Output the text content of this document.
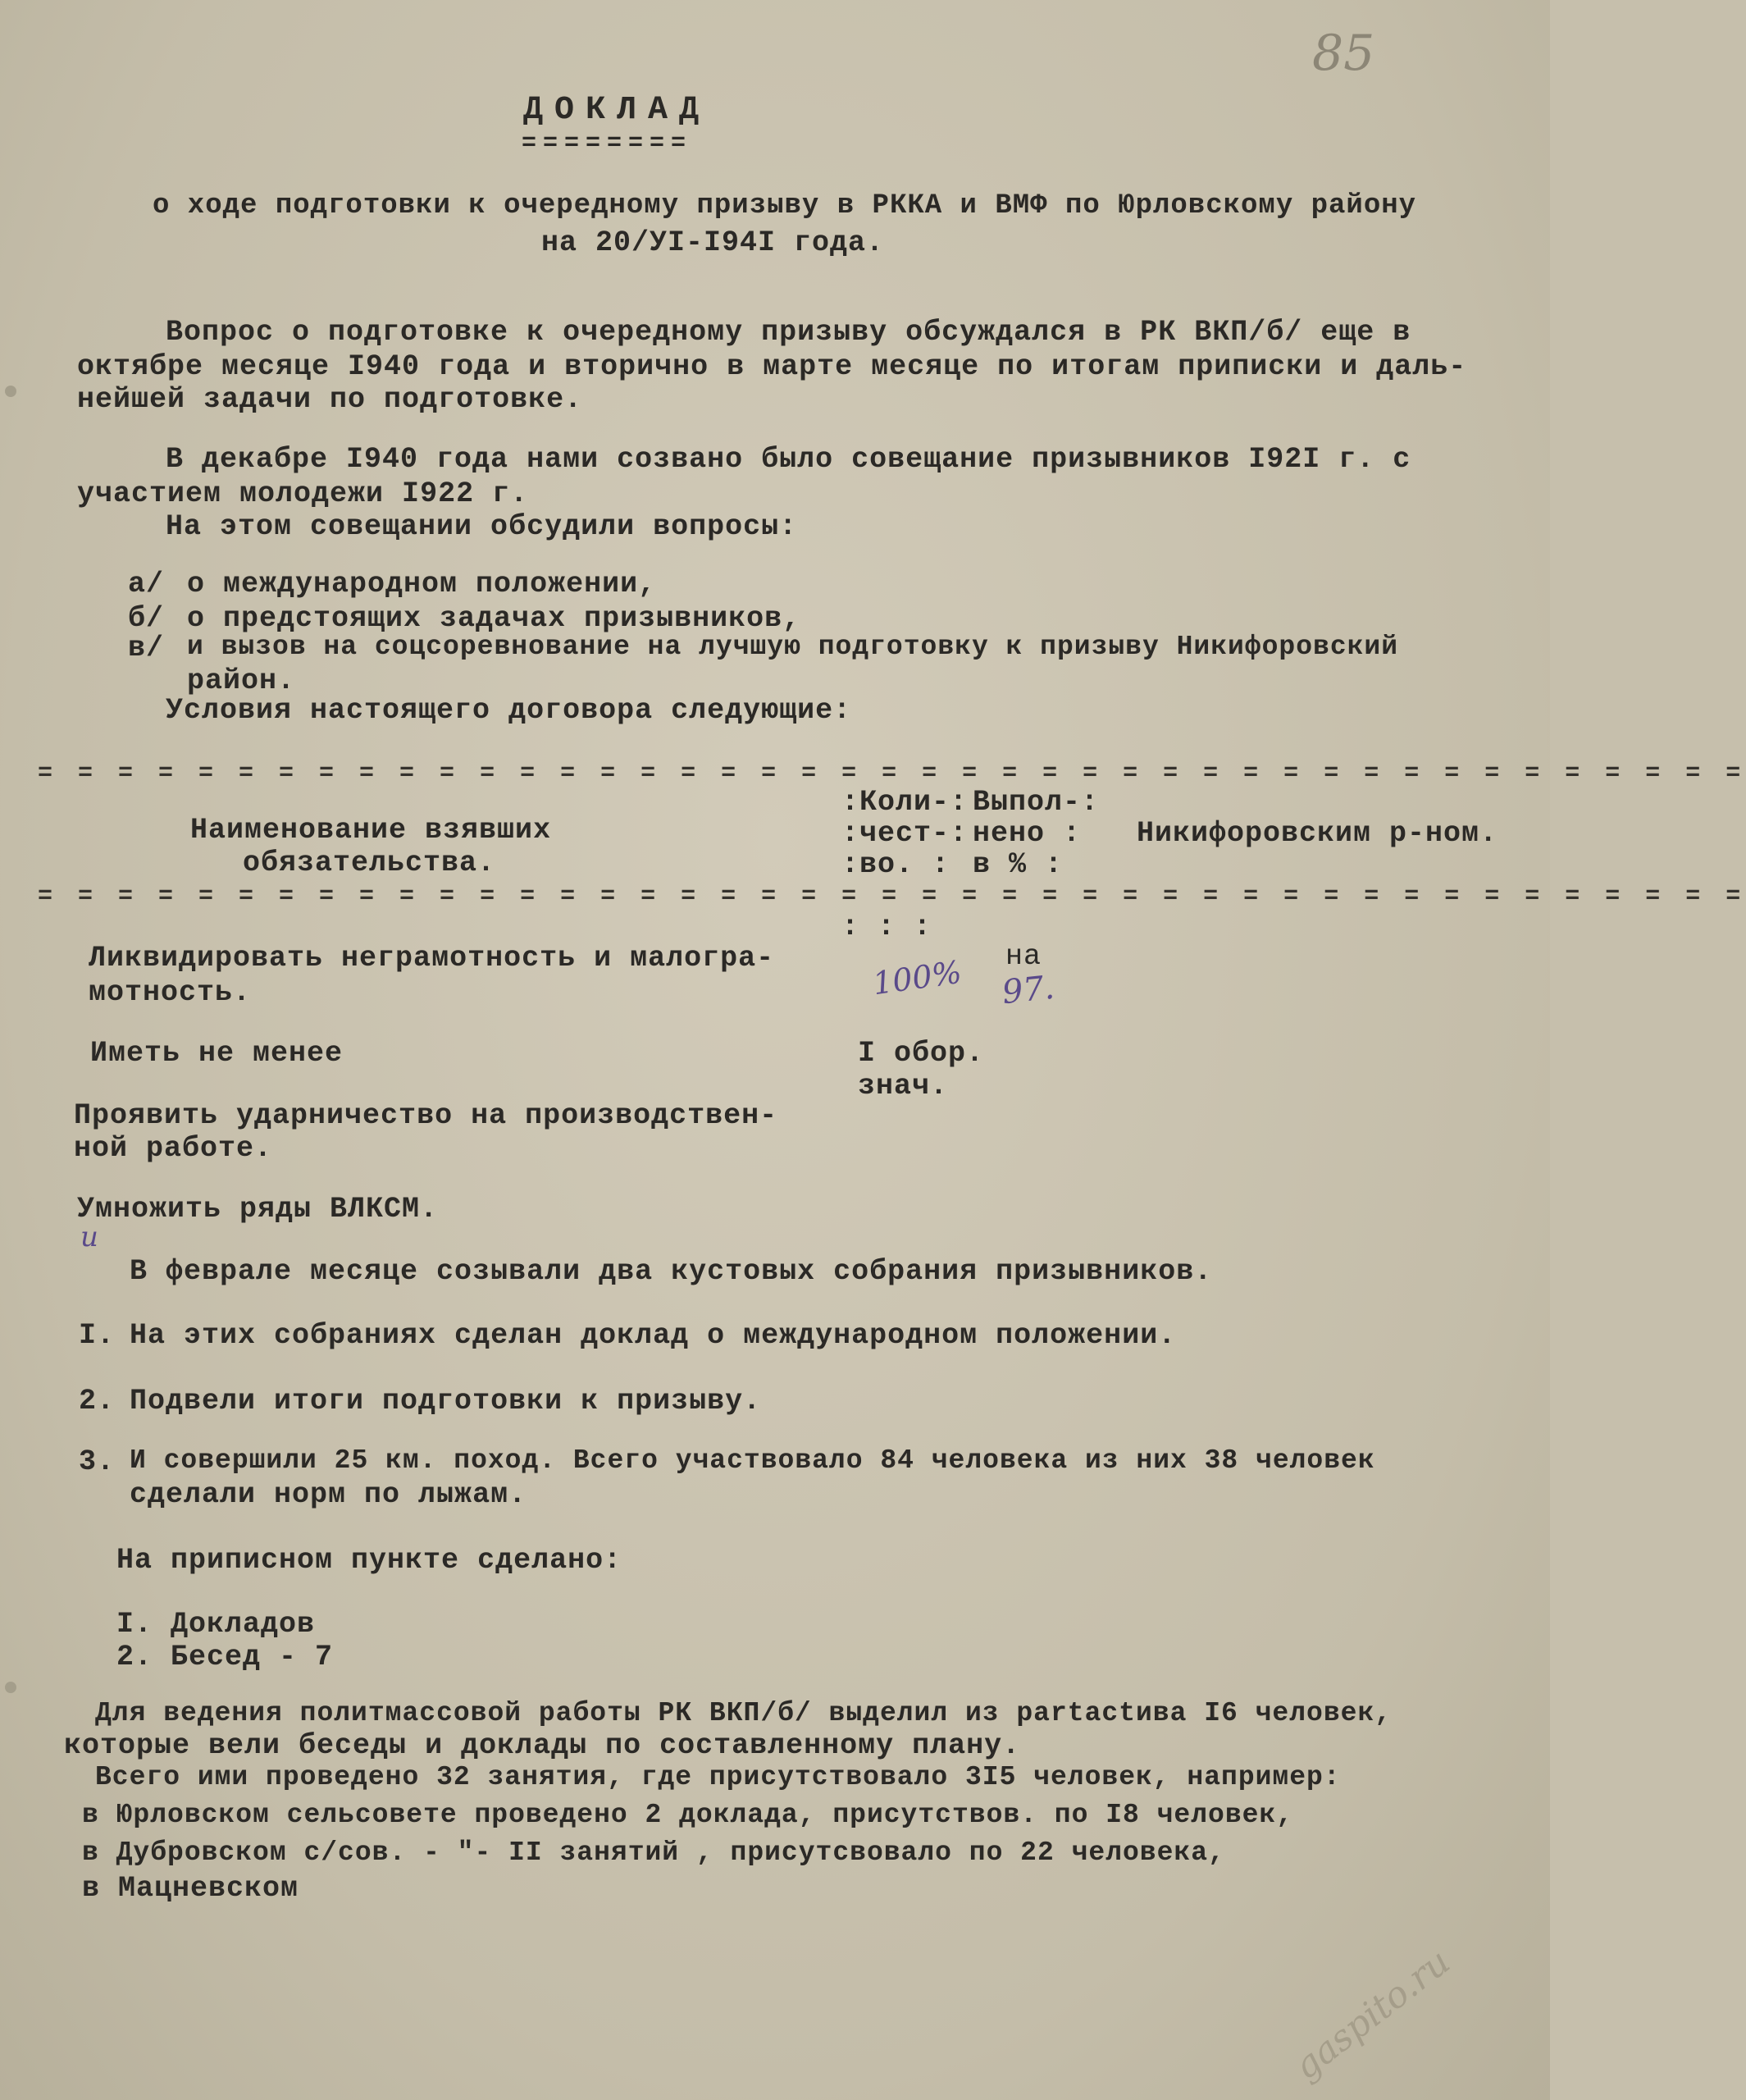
85
ДОКЛАД
========
о ходе подготовки к очередному призыву в РККА и ВМФ по Юрловскому району
на 20/УI-I94I года.
Вопрос о подготовке к очередному призыву обсуждался в РК ВКП/б/ еще в
октябре месяце I940 года и вторично в марте месяце по итогам приписки и даль-
нейшей задачи по подготовке.
В декабре I940 года нами созвано было совещание призывников I92I г. с
участием молодежи I922 г.
На этом совещании обсудили вопросы:
а/ о международном положении,
б/ о предстоящих задачах призывников,
в/ и вызов на соцсоревнование на лучшую подготовку к призыву Никифоровский
район.
Условия настоящего договора следующие:
= = = = = = = = = = = = = = = = = = = = = = = = = = = = = = = = = = = = = = = = = = =
Наименование взявших
обязательства.
:Коли-:
:чест-:
:во. :
Выпол-:
нено :
в % :
Никифоровским р-ном.
= = = = = = = = = = = = = = = = = = = = = = = = = = = = = = = = = = = = = = = = = = =
: : :
Ликвидировать неграмотность и малогра-
мотность.	100% на
97.
Иметь не менее	I обор.
знач.
Проявить ударничество на производствен-
ной работе.
Умножить ряды ВЛКСМ.
и
В феврале месяце созывали два кустовых собрания призывников.
I. На этих собраниях сделан доклад о международном положении.
2. Подвели итоги подготовки к призыву.
3. И совершили 25 км. поход. Всего участвовало 84 человека из них 38 человек
сделали норм по лыжам.
На приписном пункте сделано:
I. Докладов
2. Бесед - 7
Для ведения политмассовой работы РК ВКП/б/ выделил из partactива I6 человек,
которые вели беседы и доклады по составленному плану.
Всего ими проведено 32 занятия, где присутствовало 3I5 человек, например:
в Юрловском сельсовете проведено 2 доклада, присутствов. по I8 человек,
в Дубровском с/сов. - "- II занятий , присутсвовало по 22 человека,
в Мацневском
gaspito.ru
